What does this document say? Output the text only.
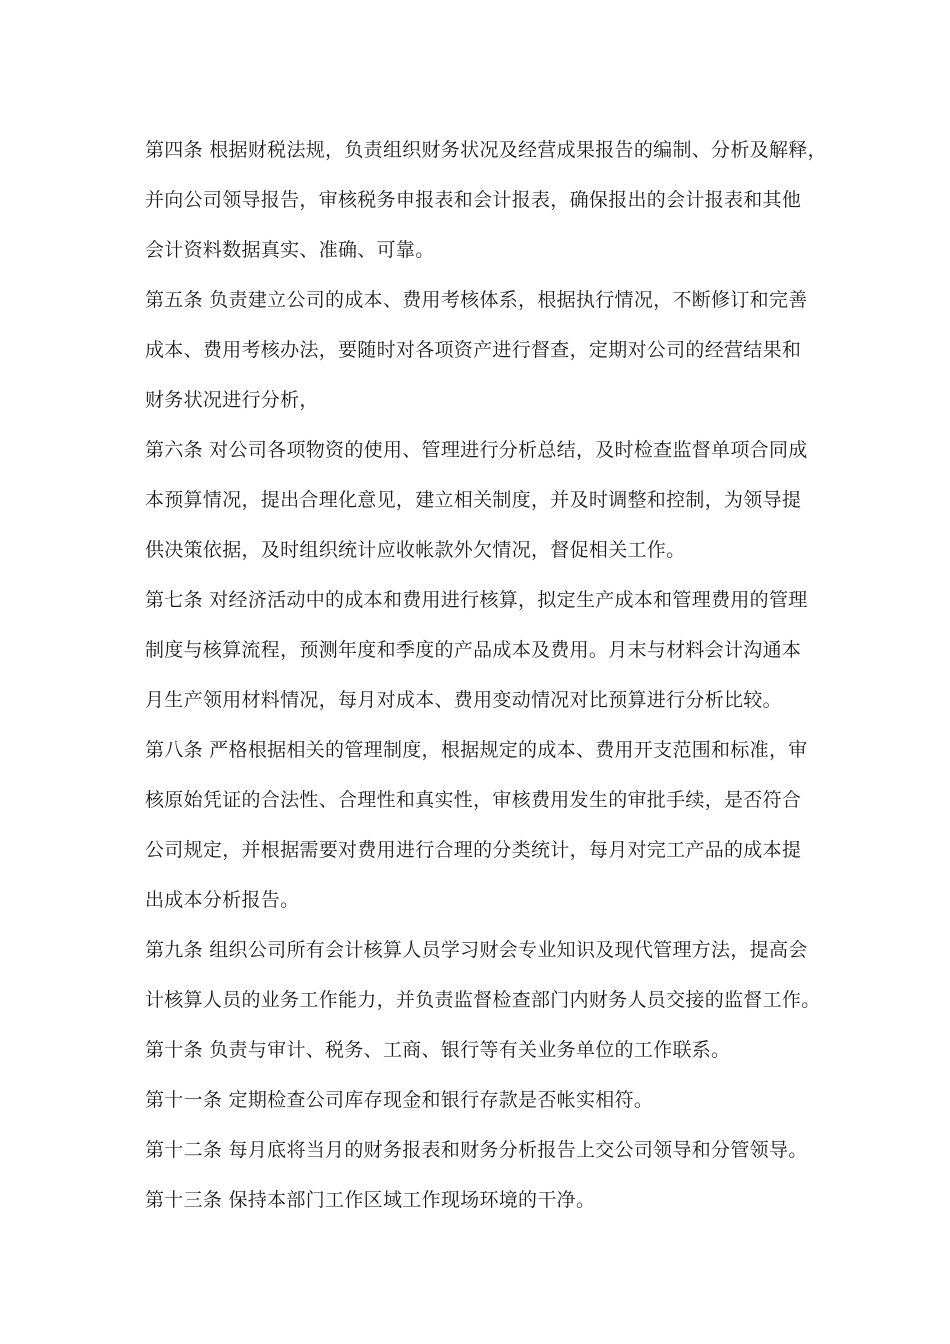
第四条 根据财税法规，负责组织财务状况及经营成果报告的编制、分析及解释，
并向公司领导报告，审核税务申报表和会计报表，确保报出的会计报表和其他
会计资料数据真实、准确、可靠。
第五条 负责建立公司的成本、费用考核体系，根据执行情况，不断修订和完善
成本、费用考核办法，要随时对各项资产进行督查，定期对公司的经营结果和
财务状况进行分析，
第六条 对公司各项物资的使用、管理进行分析总结，及时检查监督单项合同成
本预算情况，提出合理化意见，建立相关制度，并及时调整和控制，为领导提
供决策依据，及时组织统计应收帐款外欠情况，督促相关工作。
第七条 对经济活动中的成本和费用进行核算，拟定生产成本和管理费用的管理
制度与核算流程，预测年度和季度的产品成本及费用。月末与材料会计沟通本
月生产领用材料情况，每月对成本、费用变动情况对比预算进行分析比较。
第八条 严格根据相关的管理制度，根据规定的成本、费用开支范围和标准，审
核原始凭证的合法性、合理性和真实性，审核费用发生的审批手续，是否符合
公司规定，并根据需要对费用进行合理的分类统计，每月对完工产品的成本提
出成本分析报告。
第九条 组织公司所有会计核算人员学习财会专业知识及现代管理方法，提高会
计核算人员的业务工作能力，并负责监督检查部门内财务人员交接的监督工作。
第十条 负责与审计、税务、工商、银行等有关业务单位的工作联系。
第十一条 定期检查公司库存现金和银行存款是否帐实相符。
第十二条 每月底将当月的财务报表和财务分析报告上交公司领导和分管领导。
第十三条 保持本部门工作区域工作现场环境的干净。
